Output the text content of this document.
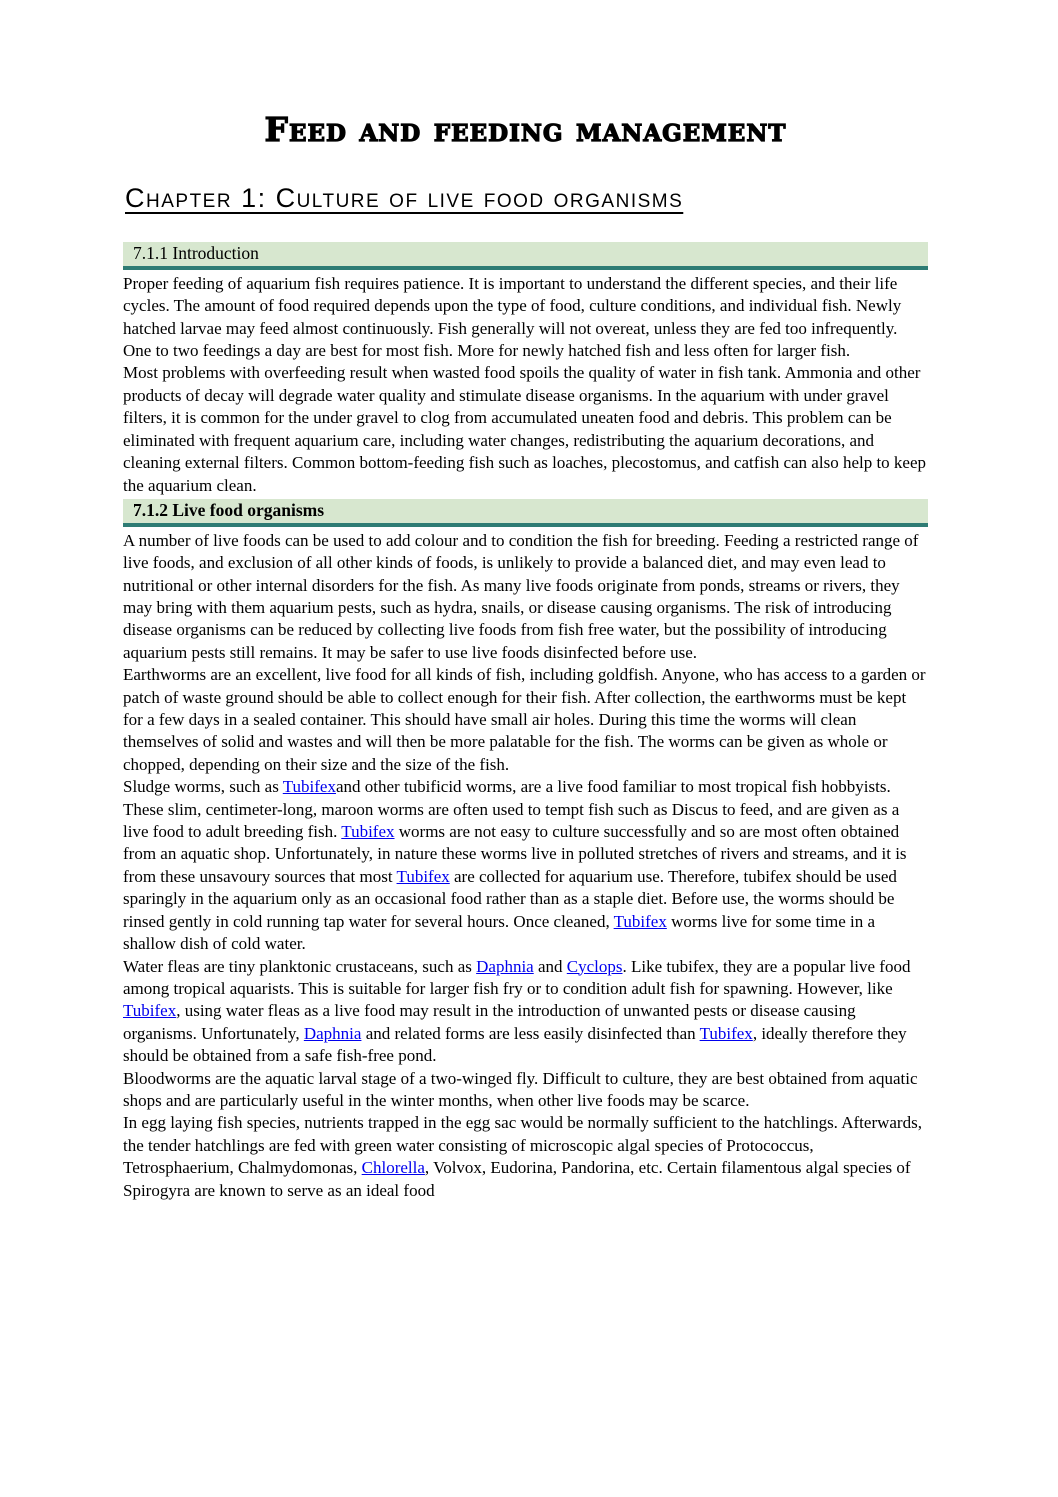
Feed and feeding management
Chapter 1: Culture of live food organisms
7.1.1 Introduction

Proper feeding of aquarium fish requires patience. It is important to understand the different species, and their life cycles. The amount of food required depends upon the type of food, culture conditions, and individual fish. Newly hatched larvae may feed almost continuously. Fish generally will not overeat, unless they are fed too infrequently. One to two feedings a day are best for most fish. More for newly hatched fish and less often for larger fish.

Most problems with overfeeding result when wasted food spoils the quality of water in fish tank. Ammonia and other products of decay will degrade water quality and stimulate disease organisms. In the aquarium with under gravel filters, it is common for the under gravel to clog from accumulated uneaten food and debris. This problem can be eliminated with frequent aquarium care, including water changes, redistributing the aquarium decorations, and cleaning external filters. Common bottom-feeding fish such as loaches, plecostomus, and catfish can also help to keep the aquarium clean.

7.1.2 Live food organisms

A number of live foods can be used to add colour and to condition the fish for breeding. Feeding a restricted range of live foods, and exclusion of all other kinds of foods, is unlikely to provide a balanced diet, and may even lead to nutritional or other internal disorders for the fish. As many live foods originate from ponds, streams or rivers, they may bring with them aquarium pests, such as hydra, snails, or disease causing organisms. The risk of introducing disease organisms can be reduced by collecting live foods from fish free water, but the possibility of introducing aquarium pests still remains. It may be safer to use live foods disinfected before use.

Earthworms are an excellent, live food for all kinds of fish, including goldfish. Anyone, who has access to a garden or patch of waste ground should be able to collect enough for their fish. After collection, the earthworms must be kept for a few days in a sealed container. This should have small air holes. During this time the worms will clean themselves of solid and wastes and will then be more palatable for the fish. The worms can be given as whole or chopped, depending on their size and the size of the fish.

Sludge worms, such as Tubifexand other tubificid worms, are a live food familiar to most tropical fish hobbyists. These slim, centimeter-long, maroon worms are often used to tempt fish such as Discus to feed, and are given as a live food to adult breeding fish. Tubifex worms are not easy to culture successfully and so are most often obtained from an aquatic shop. Unfortunately, in nature these worms live in polluted stretches of rivers and streams, and it is from these unsavoury sources that most Tubifex are collected for aquarium use. Therefore, tubifex should be used sparingly in the aquarium only as an occasional food rather than as a staple diet. Before use, the worms should be rinsed gently in cold running tap water for several hours. Once cleaned, Tubifex worms live for some time in a shallow dish of cold water.

Water fleas are tiny planktonic crustaceans, such as Daphnia and Cyclops. Like tubifex, they are a popular live food among tropical aquarists. This is suitable for larger fish fry or to condition adult fish for spawning. However, like Tubifex, using water fleas as a live food may result in the introduction of unwanted pests or disease causing organisms. Unfortunately, Daphnia and related forms are less easily disinfected than Tubifex, ideally therefore they should be obtained from a safe fish-free pond.

Bloodworms are the aquatic larval stage of a two-winged fly. Difficult to culture, they are best obtained from aquatic shops and are particularly useful in the winter months, when other live foods may be scarce.

In egg laying fish species, nutrients trapped in the egg sac would be normally sufficient to the hatchlings. Afterwards, the tender hatchlings are fed with green water consisting of microscopic algal species of Protococcus, Tetrosphaerium, Chalmydomonas, Chlorella, Volvox, Eudorina, Pandorina, etc. Certain filamentous algal species of Spirogyra are known to serve as an ideal food
